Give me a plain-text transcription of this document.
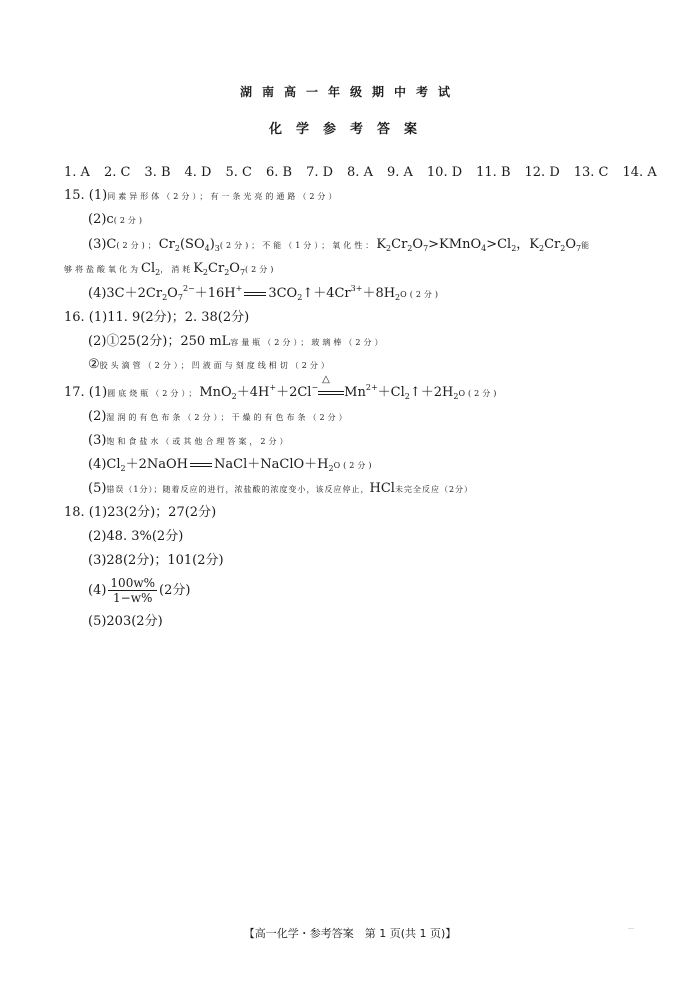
湖南高一年级期中考试
化学参考答案
1. A 2. C 3. B 4. D 5. C 6. B 7. D 8. A 9. A 10. D 11. B 12. D 13. C 14. A
15. (1)同素异形体（2分）；有一条光亮的通路（2分）
(2)c(2分)
(3)C(2分)；$Cr_2(SO_4)_3(2$分)；不能（1分）；氧化性：$K_2Cr_2O_7>KMnO_4>Cl_2$，$K_2Cr_2O_7$能
够将盐酸氧化为$Cl_2$，消耗$K_2Cr_2O_7(2$分)
$(4)3C+2Cr_2O_7^{2-}+16H^+$ $3CO_2↑+4Cr^{3+}+8H_2O(2$分)
16. (1)11. 9(2分)；2. 38(2分)
(2)①25(2分)；250 mL容量瓶（2分）；玻璃棒（2分）
②胶头滴管（2分）；凹液面与刻度线相切（2分）
17. (1)圆底烧瓶（2分）；MnO$_2$＋4H+＋2Cl−
△
$Mn^{2+}+Cl_2↑+2H_2O(2$分)
(2)湿润的有色布条（2分）；干燥的有色布条（2分）
(3)饱和食盐水（或其他合理答案，2分）
$(4)Cl_2+2NaOH$ $NaCl+NaClO+H_2O(2$分)
(5)错误（1分）；随着反应的进行，浓盐酸的浓度变小，该反应停止，HCl未完全反应（2分）
18. (1)23(2分)；27(2分)
(2)48. 3%(2分)
(3)28(2分)；101(2分)
$(4) \frac{100w\%}{1-w\%} (2$分)
(5)203(2分)
【高一化学・参考答案　第 1 页(共 1 页)】	…
